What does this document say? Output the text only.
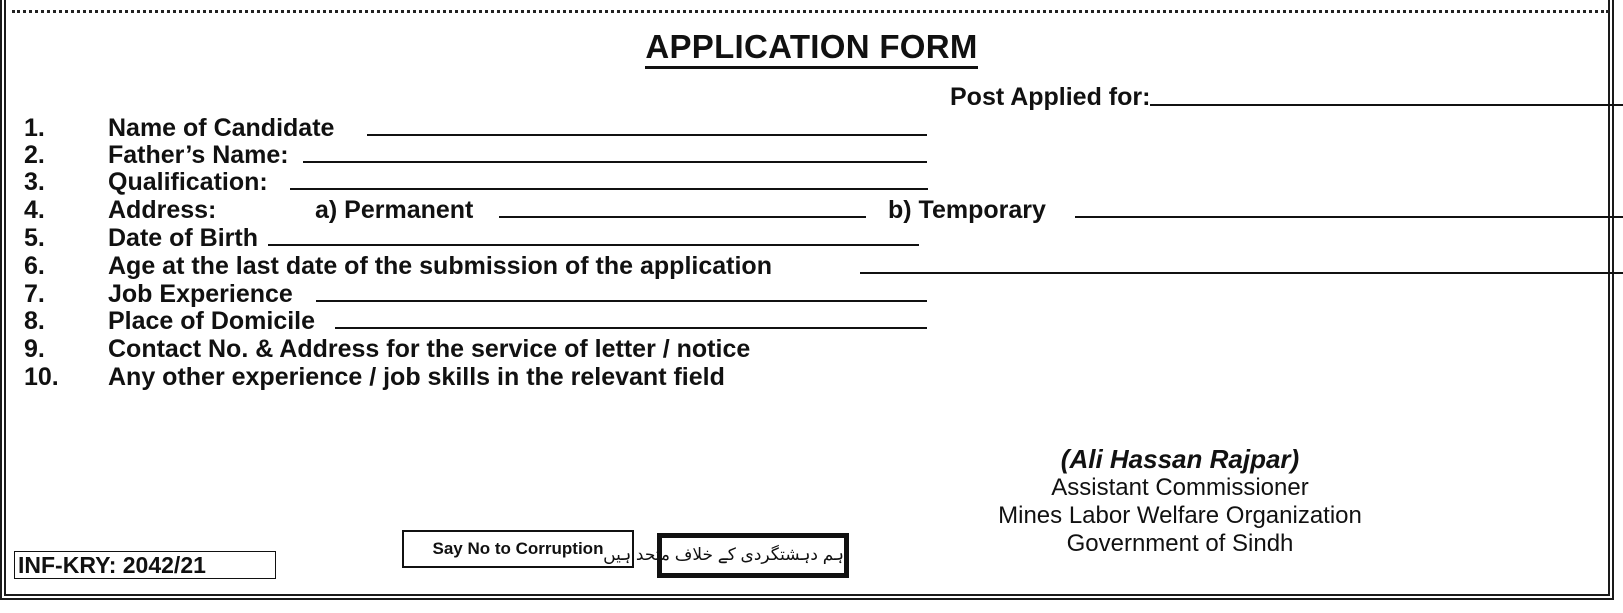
APPLICATION FORM
Post Applied for:
1.	Name of Candidate
2.	Father’s Name:
3.	Qualification:
4.	Address:	a) Permanent	b) Temporary
5.	Date of Birth
6.	Age at the last date of the submission of the application
7.	Job Experience
8.	Place of Domicile
9.	Contact No. & Address for the service of letter / notice
10. Any other experience / job skills in the relevant field
(Ali Hassan Rajpar)
Assistant Commissioner
Mines Labor Welfare Organization
Government of Sindh
INF-KRY: 2042/21
Say No to Corruption ہم دہشتگردی کے خلاف متحد ہیں
